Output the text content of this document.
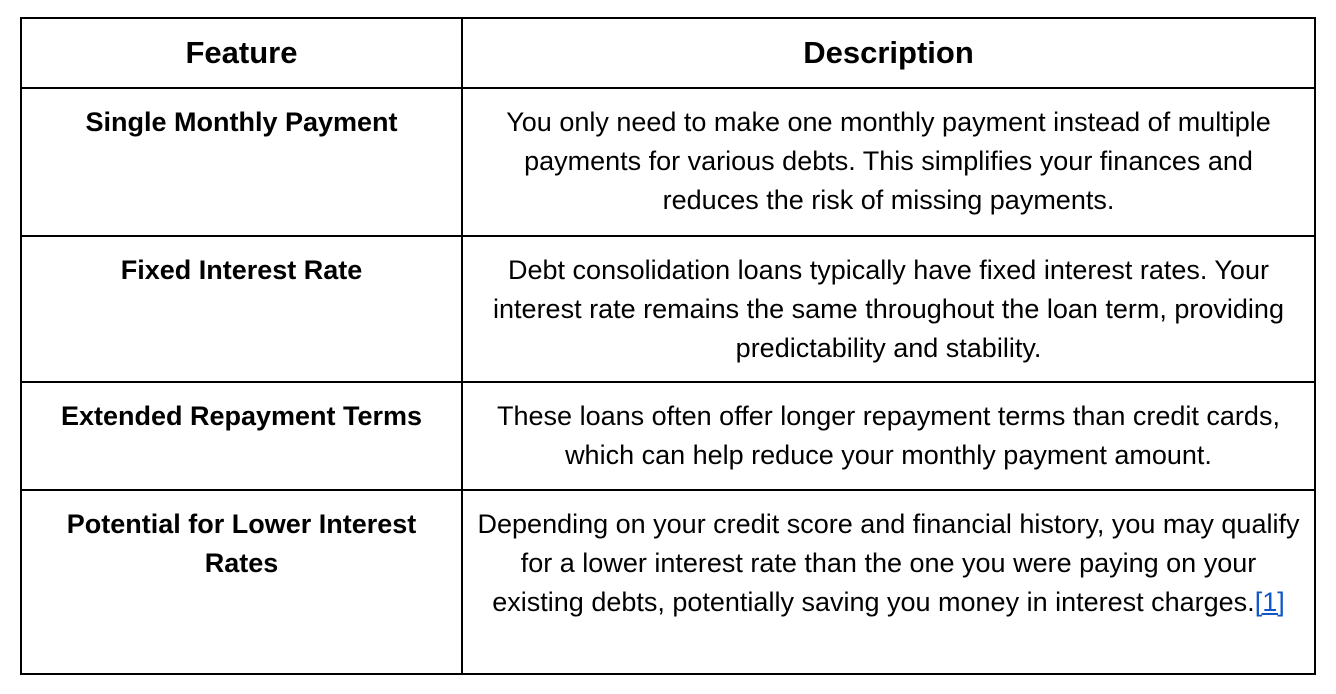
Feature	Description
Single Monthly Payment	You only need to make one monthly payment instead of multiple payments for various debts. This simplifies your finances and reduces the risk of missing payments.
Fixed Interest Rate	Debt consolidation loans typically have fixed interest rates. Your interest rate remains the same throughout the loan term, providing predictability and stability.
Extended Repayment Terms	These loans often offer longer repayment terms than credit cards, which can help reduce your monthly payment amount.
Potential for Lower Interest Rates	Depending on your credit score and financial history, you may qualify for a lower interest rate than the one you were paying on your existing debts, potentially saving you money in interest charges.[1]
